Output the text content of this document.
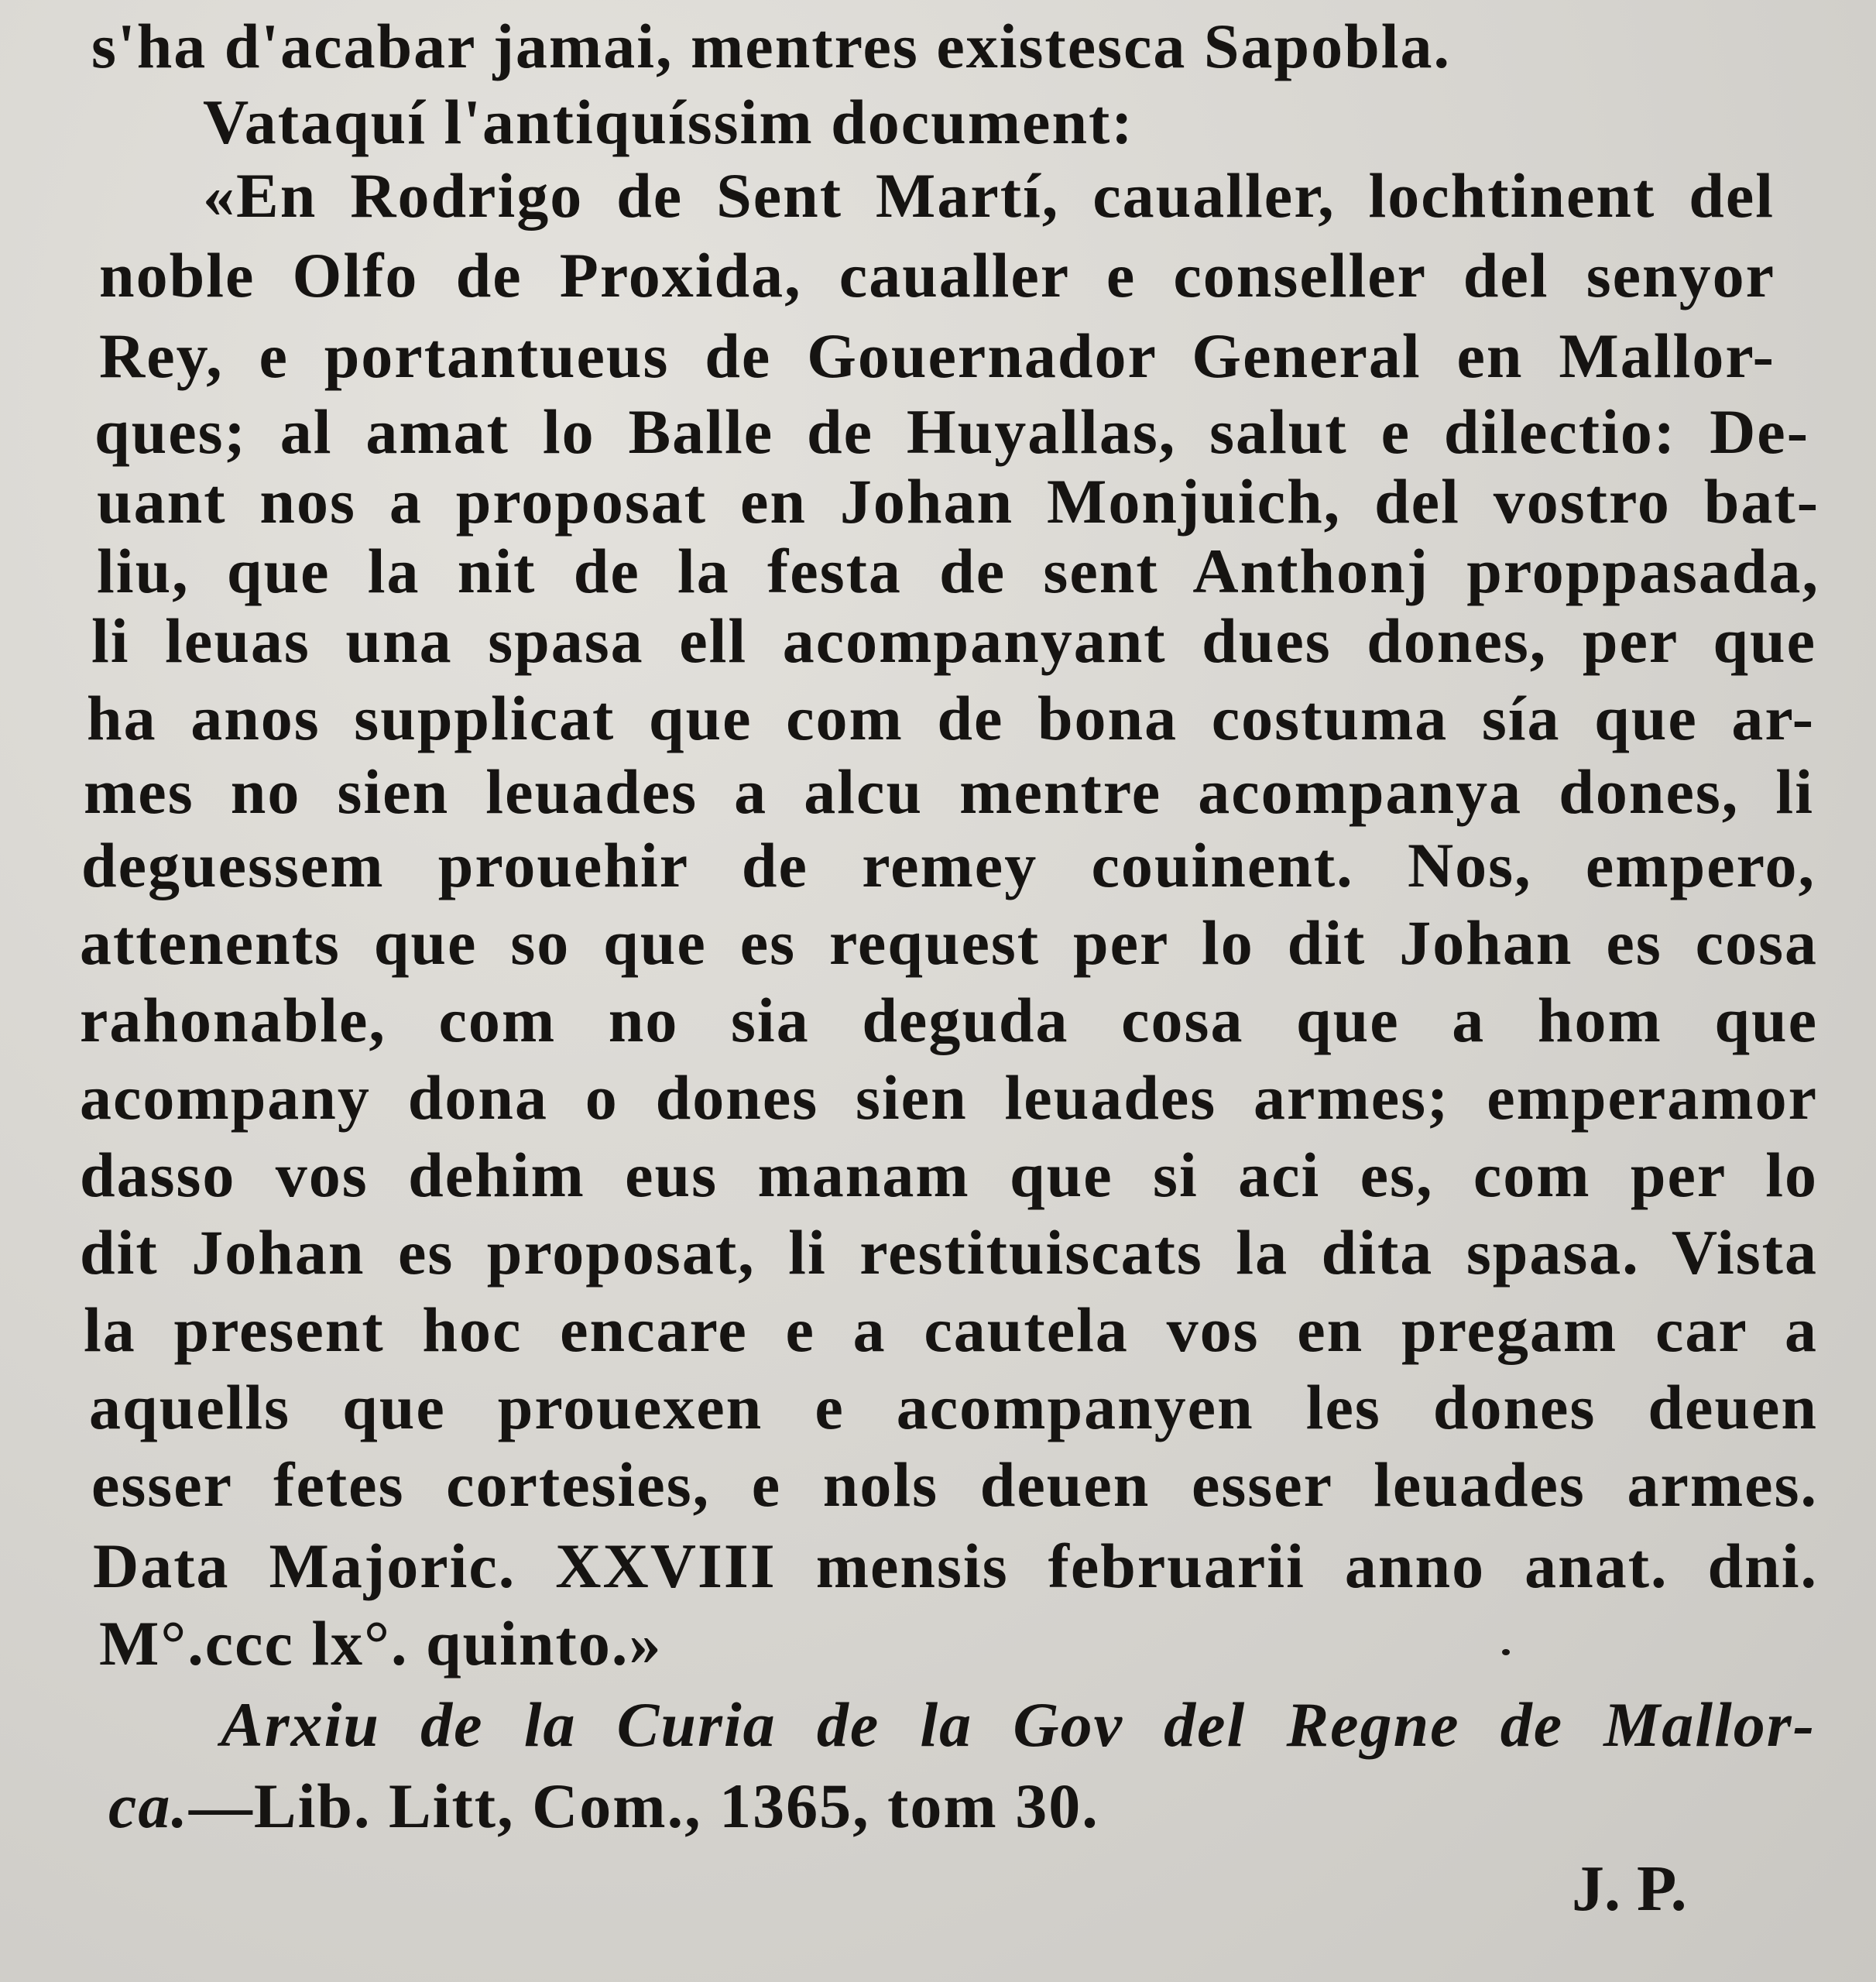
s'ha d'acabar jamai, mentres existesca Sapobla.
Vataquí l'antiquíssim document:
«En Rodrigo de Sent Martí, caualler, lochtinent del
noble Olfo de Proxida, caualler e conseller del senyor
Rey, e portantueus de Gouernador General en Mallor-
ques; al amat lo Balle de Huyallas, salut e dilectio: De-
uant nos a proposat en Johan Monjuich, del vostro bat-
liu, que la nit de la festa de sent Anthonj proppasada,
li leuas una spasa ell acompanyant dues dones, per que
ha anos supplicat que com de bona costuma sía que ar-
mes no sien leuades a alcu mentre acompanya dones, li
deguessem prouehir de remey couinent. Nos, empero,
attenents que so que es request per lo dit Johan es cosa
rahonable, com no sia deguda cosa que a hom que
acompany dona o dones sien leuades armes; emperamor
dasso vos dehim eus manam que si aci es, com per lo
dit Johan es proposat, li restituiscats la dita spasa. Vista
la present hoc encare e a cautela vos en pregam car a
aquells que prouexen e acompanyen les dones deuen
esser fetes cortesies, e nols deuen esser leuades armes.
Data Majoric. XXVIII mensis februarii anno anat. dni.
M°.ccc lx°. quinto.»
Arxiu de la Curia de la Gov del Regne de Mallor-
ca.—Lib. Litt, Com., 1365, tom 30.
J. P.
